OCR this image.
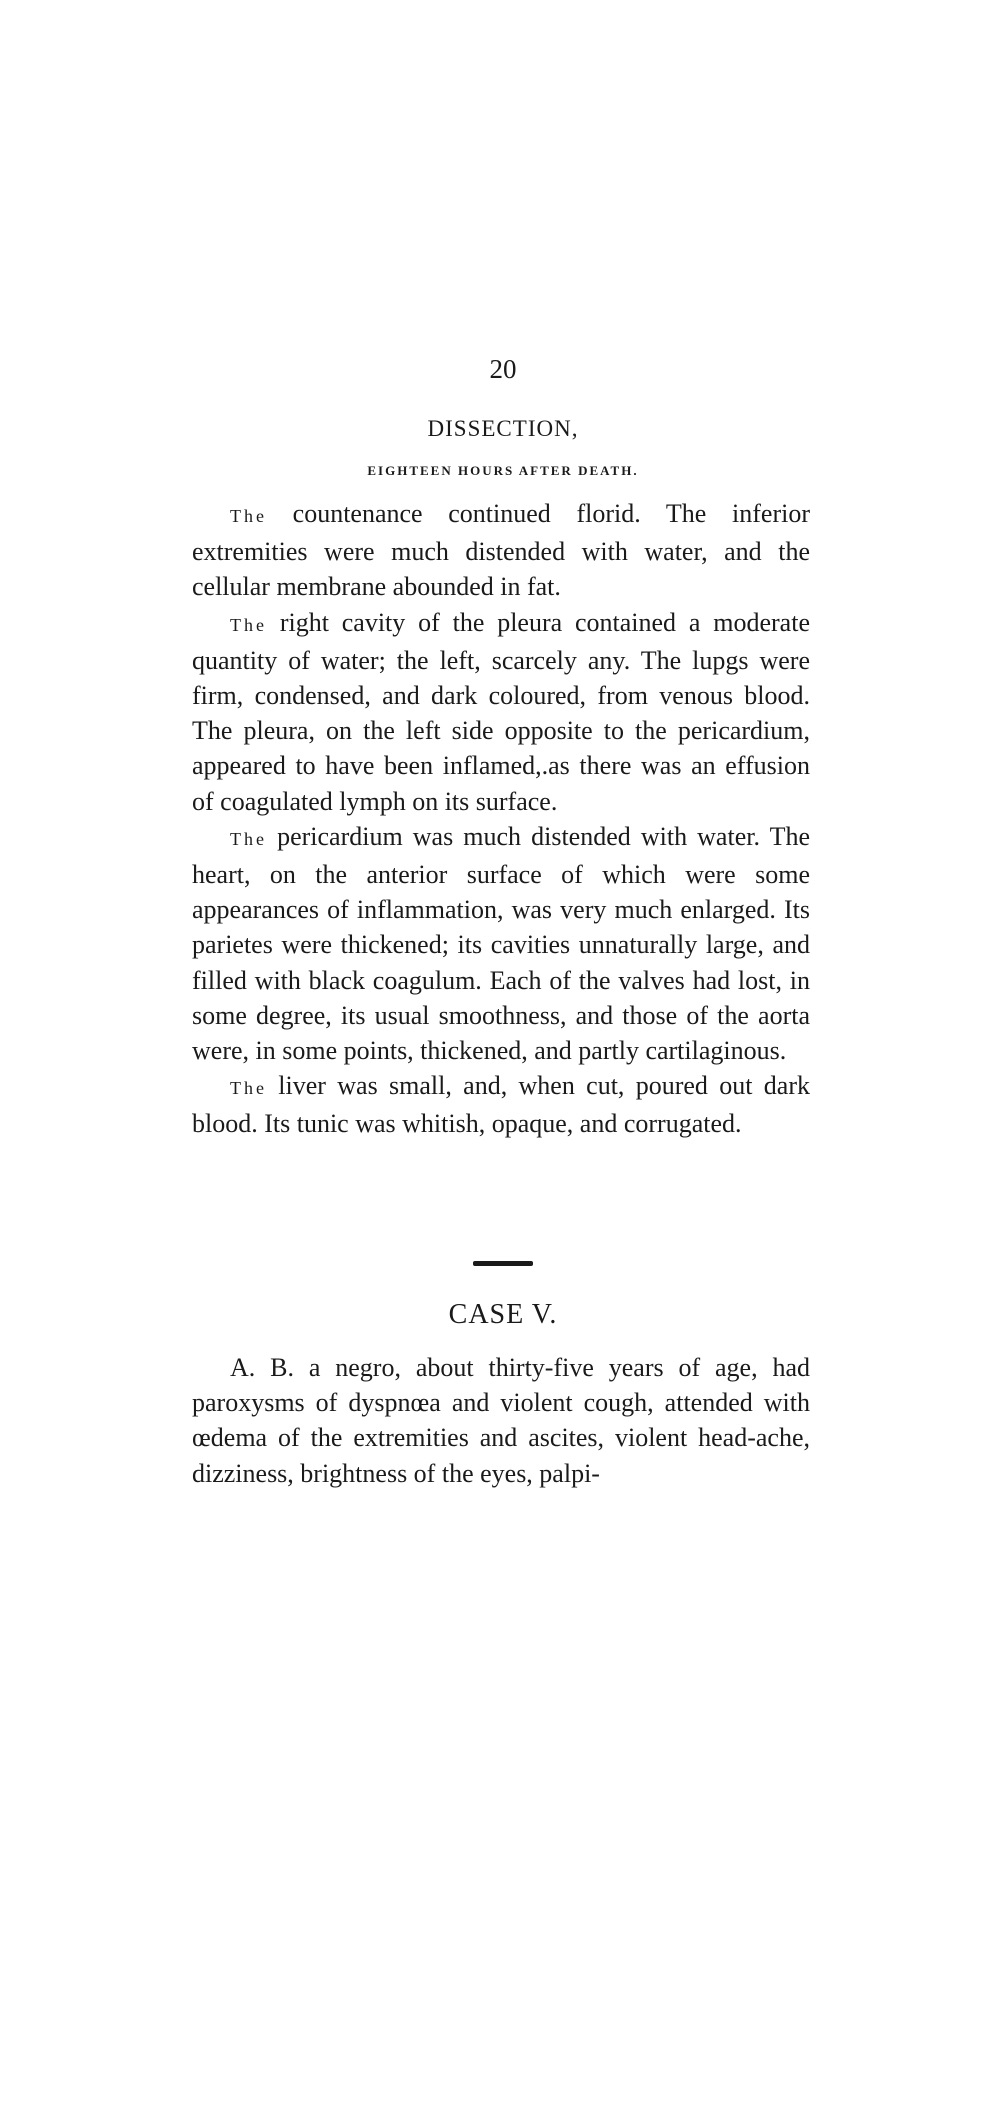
20
DISSECTION,
EIGHTEEN HOURS AFTER DEATH.

The countenance continued florid. The inferior extremities were much distended with water, and the cellular membrane abounded in fat.

The right cavity of the pleura contained a moderate quantity of water; the left, scarcely any. The lupgs were firm, condensed, and dark coloured, from venous blood. The pleura, on the left side opposite to the pericardium, appeared to have been inflamed,.as there was an effusion of coagulated lymph on its surface.

The pericardium was much distended with water. The heart, on the anterior surface of which were some appearances of inflammation, was very much enlarged. Its parietes were thickened; its cavities unnaturally large, and filled with black coagulum. Each of the valves had lost, in some degree, its usual smoothness, and those of the aorta were, in some points, thickened, and partly cartilaginous.

The liver was small, and, when cut, poured out dark blood. Its tunic was whitish, opaque, and corrugated.

CASE V.

A. B. a negro, about thirty-five years of age, had paroxysms of dyspnœa and violent cough, attended with œdema of the extremities and ascites, violent head-ache, dizziness, brightness of the eyes, palpi-
